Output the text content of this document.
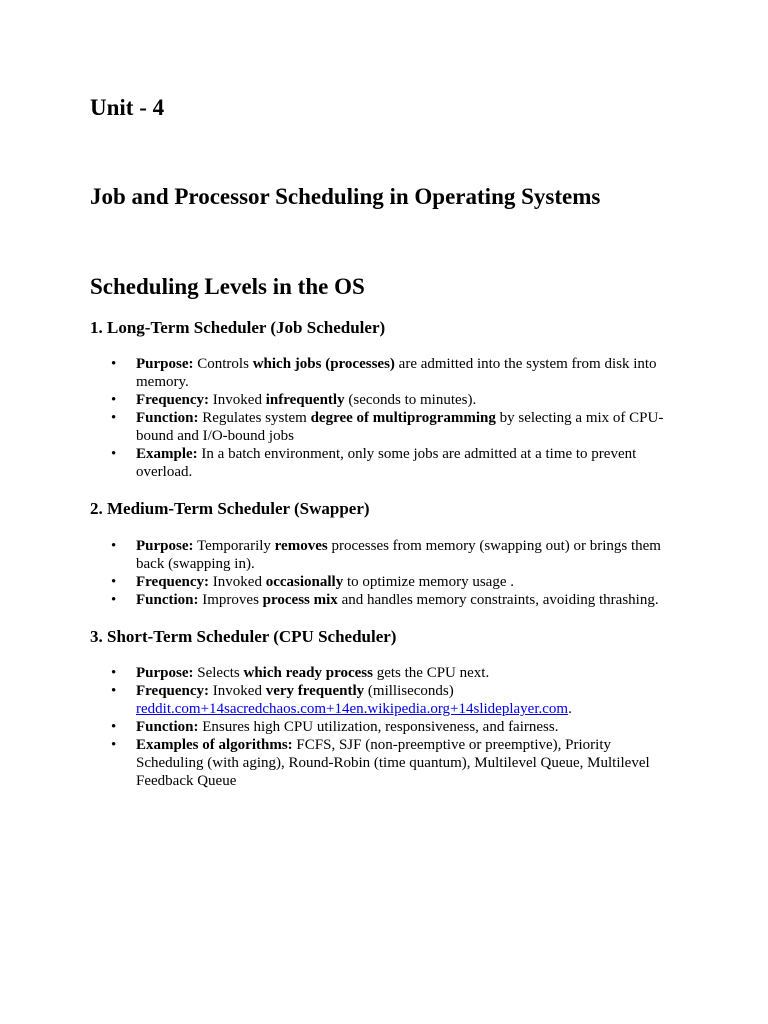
Unit - 4
Job and Processor Scheduling in Operating Systems
Scheduling Levels in the OS
1. Long-Term Scheduler (Job Scheduler)
• Purpose: Controls which jobs (processes) are admitted into the system from disk into memory.
• Frequency: Invoked infrequently (seconds to minutes).
• Function: Regulates system degree of multiprogramming by selecting a mix of CPU-bound and I/O-bound jobs
• Example: In a batch environment, only some jobs are admitted at a time to prevent overload.
2. Medium-Term Scheduler (Swapper)
• Purpose: Temporarily removes processes from memory (swapping out) or brings them back (swapping in).
• Frequency: Invoked occasionally to optimize memory usage .
• Function: Improves process mix and handles memory constraints, avoiding thrashing.
3. Short-Term Scheduler (CPU Scheduler)
• Purpose: Selects which ready process gets the CPU next.
• Frequency: Invoked very frequently (milliseconds)
reddit.com+14sacredchaos.com+14en.wikipedia.org+14slideplayer.com.
• Function: Ensures high CPU utilization, responsiveness, and fairness.
• Examples of algorithms: FCFS, SJF (non-preemptive or preemptive), Priority Scheduling (with aging), Round-Robin (time quantum), Multilevel Queue, Multilevel Feedback Queue
